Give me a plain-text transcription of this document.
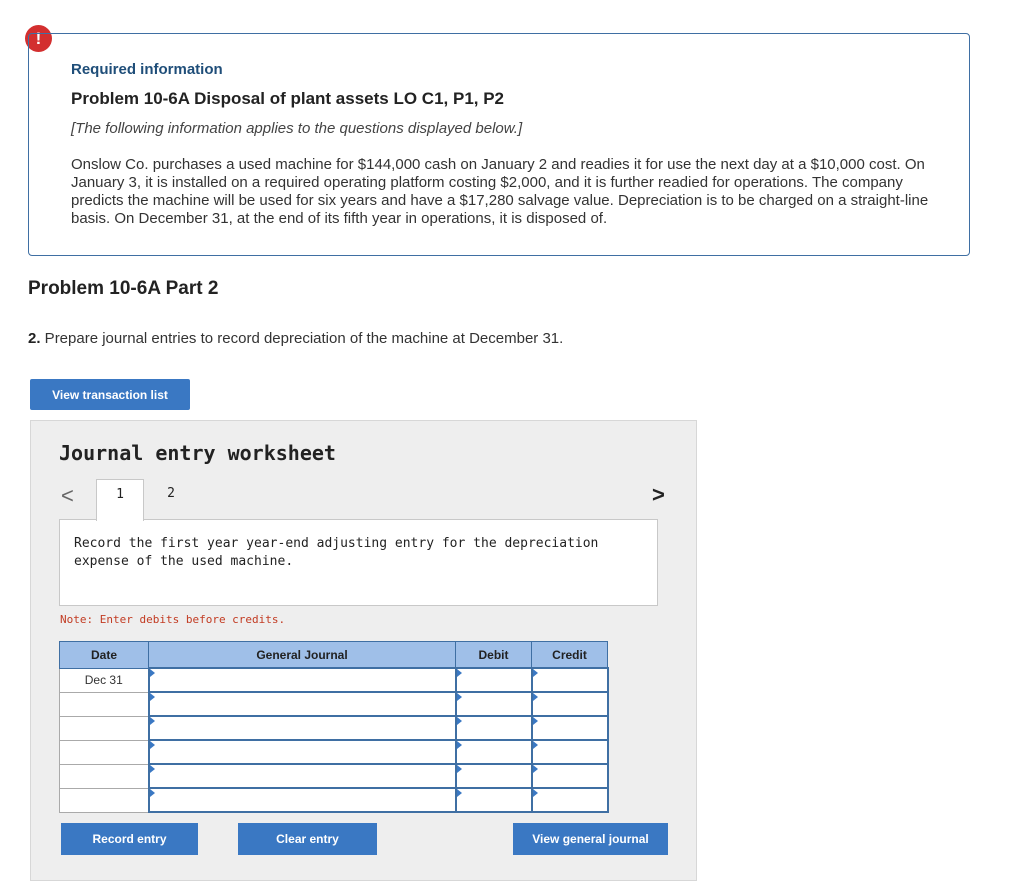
!
Required information
Problem 10-6A Disposal of plant assets LO C1, P1, P2
[The following information applies to the questions displayed below.]
Onslow Co. purchases a used machine for $144,000 cash on January 2 and readies it for use the next day at a $10,000 cost. On January 3, it is installed on a required operating platform costing $2,000, and it is further readied for operations. The company predicts the machine will be used for six years and have a $17,280 salvage value. Depreciation is to be charged on a straight-line basis. On December 31, at the end of its fifth year in operations, it is disposed of.
Problem 10-6A Part 2
2. Prepare journal entries to record depreciation of the machine at December 31.
View transaction list
Journal entry worksheet
<	1	2	>
Record the first year year-end adjusting entry for the depreciation expense of the used machine.
Note: Enter debits before credits.
Date	General Journal	Debit	Credit
Dec 31			

Record entry	Clear entry	View general journal
